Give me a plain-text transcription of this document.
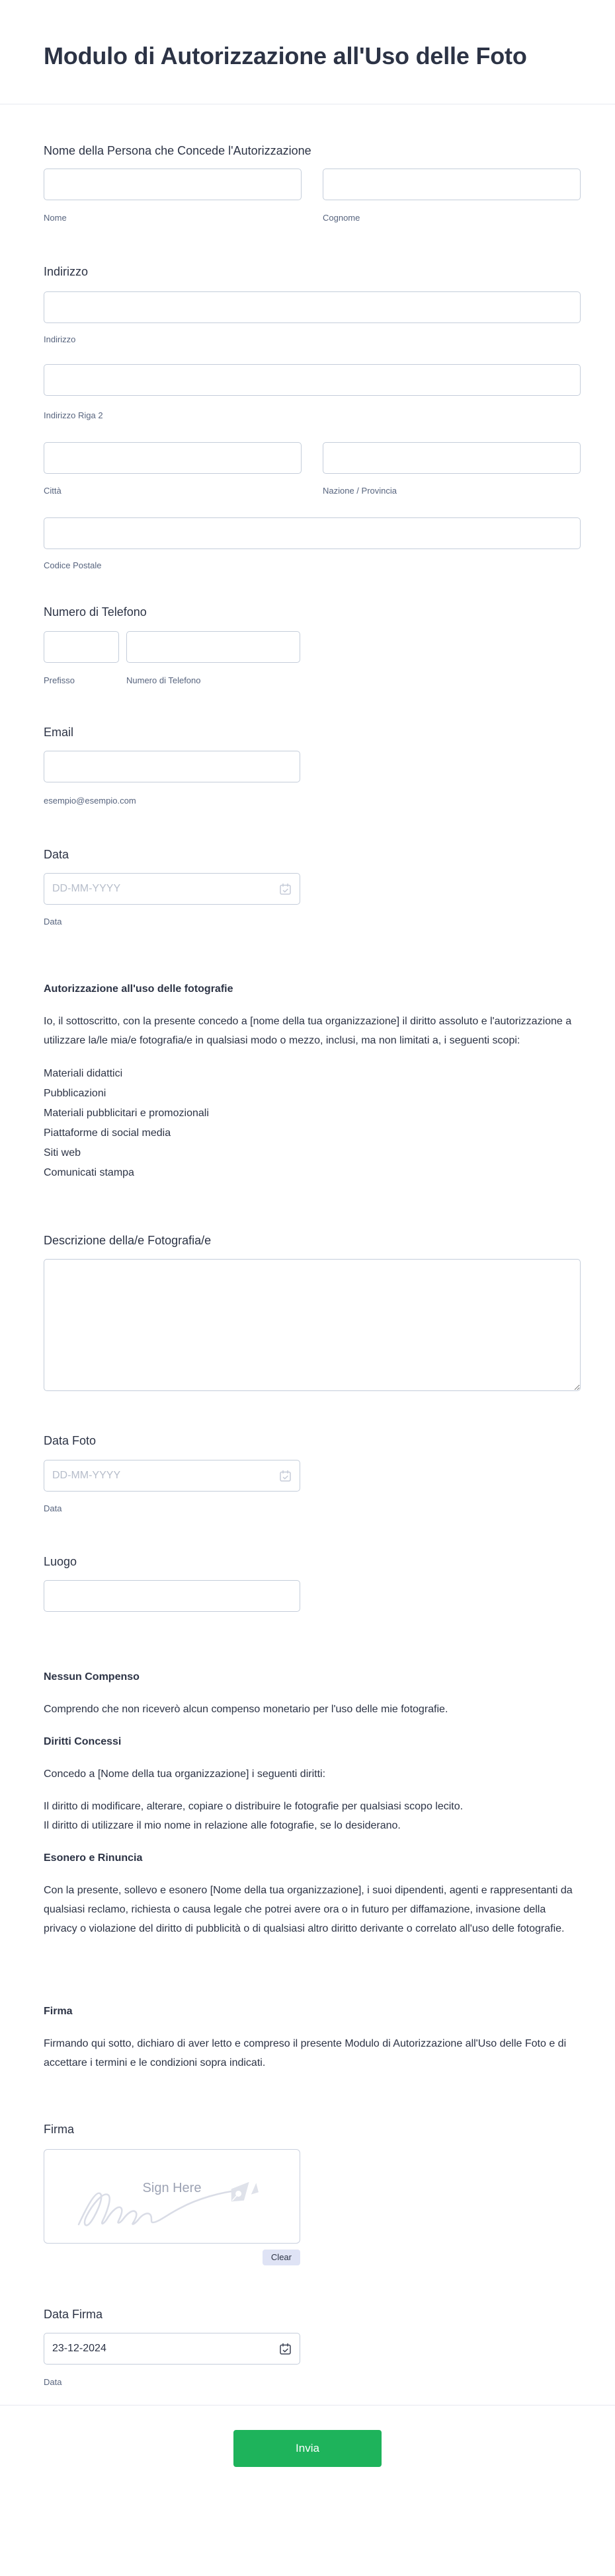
Modulo di Autorizzazione all'Uso delle Foto
Nome della Persona che Concede l'Autorizzazione
Nome	Cognome
Indirizzo
Indirizzo
Indirizzo Riga 2
Città	Nazione / Provincia
Codice Postale
Numero di Telefono
Prefisso	Numero di Telefono
Email
esempio@esempio.com
Data
DD-MM-YYYY
Data

Autorizzazione all'uso delle fotografie

Io, il sottoscritto, con la presente concedo a [nome della tua organizzazione] il diritto assoluto e l'autorizzazione a utilizzare la/le mia/e fotografia/e in qualsiasi modo o mezzo, inclusi, ma non limitati a, i seguenti scopi:

Materiali didattici
Pubblicazioni
Materiali pubblicitari e promozionali
Piattaforme di social media
Siti web
Comunicati stampa
Descrizione della/e Fotografia/e
Data Foto
DD-MM-YYYY
Data
Luogo

Nessun Compenso

Comprendo che non riceverò alcun compenso monetario per l'uso delle mie fotografie.

Diritti Concessi

Concedo a [Nome della tua organizzazione] i seguenti diritti:

Il diritto di modificare, alterare, copiare o distribuire le fotografie per qualsiasi scopo lecito.
Il diritto di utilizzare il mio nome in relazione alle fotografie, se lo desiderano.

Esonero e Rinuncia

Con la presente, sollevo e esonero [Nome della tua organizzazione], i suoi dipendenti, agenti e rappresentanti da qualsiasi reclamo, richiesta o causa legale che potrei avere ora o in futuro per diffamazione, invasione della privacy o violazione del diritto di pubblicità o di qualsiasi altro diritto derivante o correlato all'uso delle fotografie.

Firma

Firmando qui sotto, dichiaro di aver letto e compreso il presente Modulo di Autorizzazione all'Uso delle Foto e di accettare i termini e le condizioni sopra indicati.

Firma
Sign Here
Clear
Data Firma
23-12-2024
Data
Invia
